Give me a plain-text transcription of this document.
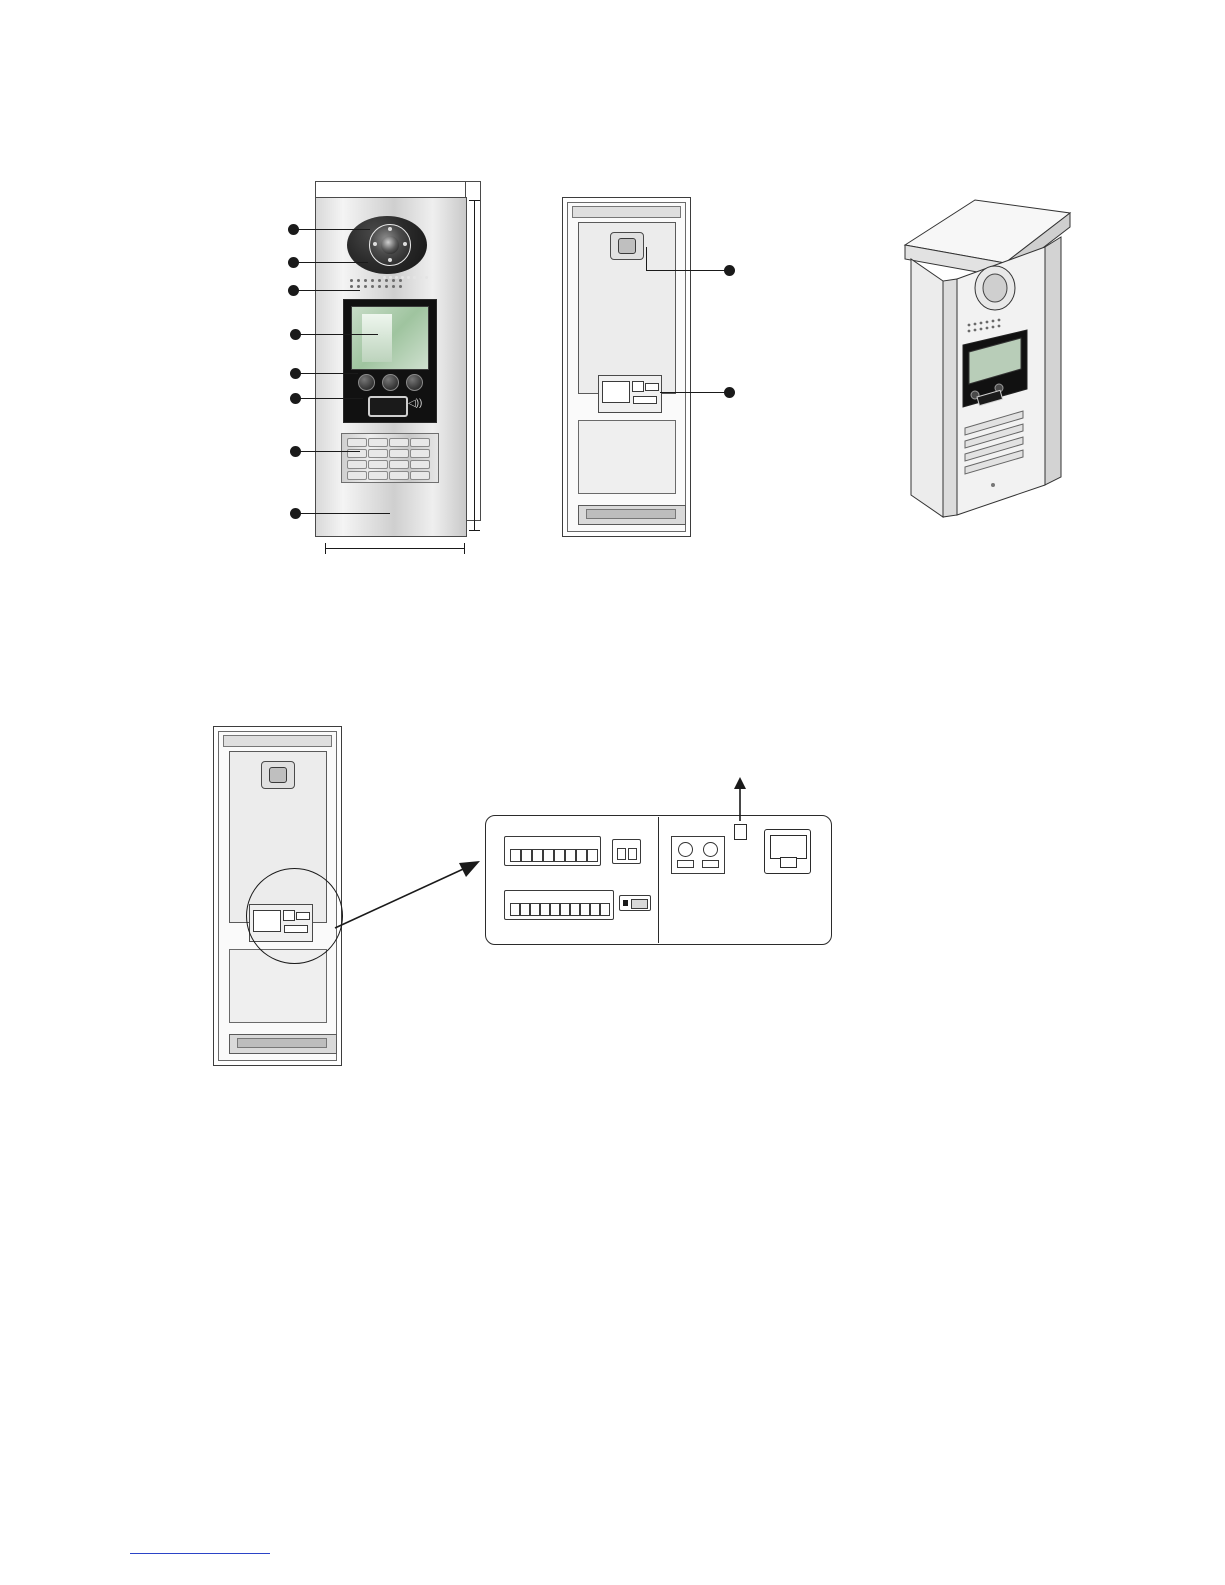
◁))
